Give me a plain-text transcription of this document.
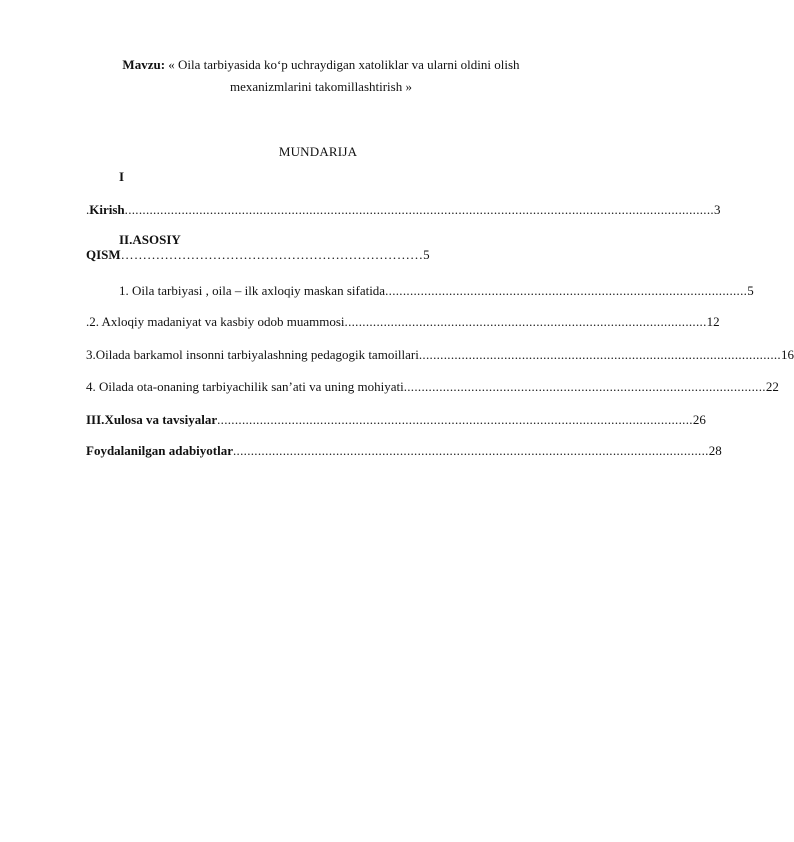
Mavzu: « Oila tarbiyasida ko‘p uchraydigan xatoliklar va ularni oldini olish mexanizmlarini takomillashtirish »
MUNDARIJA
I
. Kirish ...................................................................................................................................................................... 3
II.ASOSIY
QISM……………………………………………………………5
1. Oila tarbiyasi , oila – ilk axloqiy maskan sifatida ...................................................................................................... 5
.2. Axloqiy madaniyat va kasbiy odob muammosi ...................................................................................................... 12
3.Oilada barkamol insonni tarbiyalashning pedagogik tamoillari ...................................................................................................... 16
4. Oilada ota-onaning tarbiyachilik san’ati va uning mohiyati ...................................................................................................... 22
III. Xulosa va tavsiyalar ...................................................................................................................................... 26
Foydalanilgan adabiyotlar ...................................................................................................................................... 28
